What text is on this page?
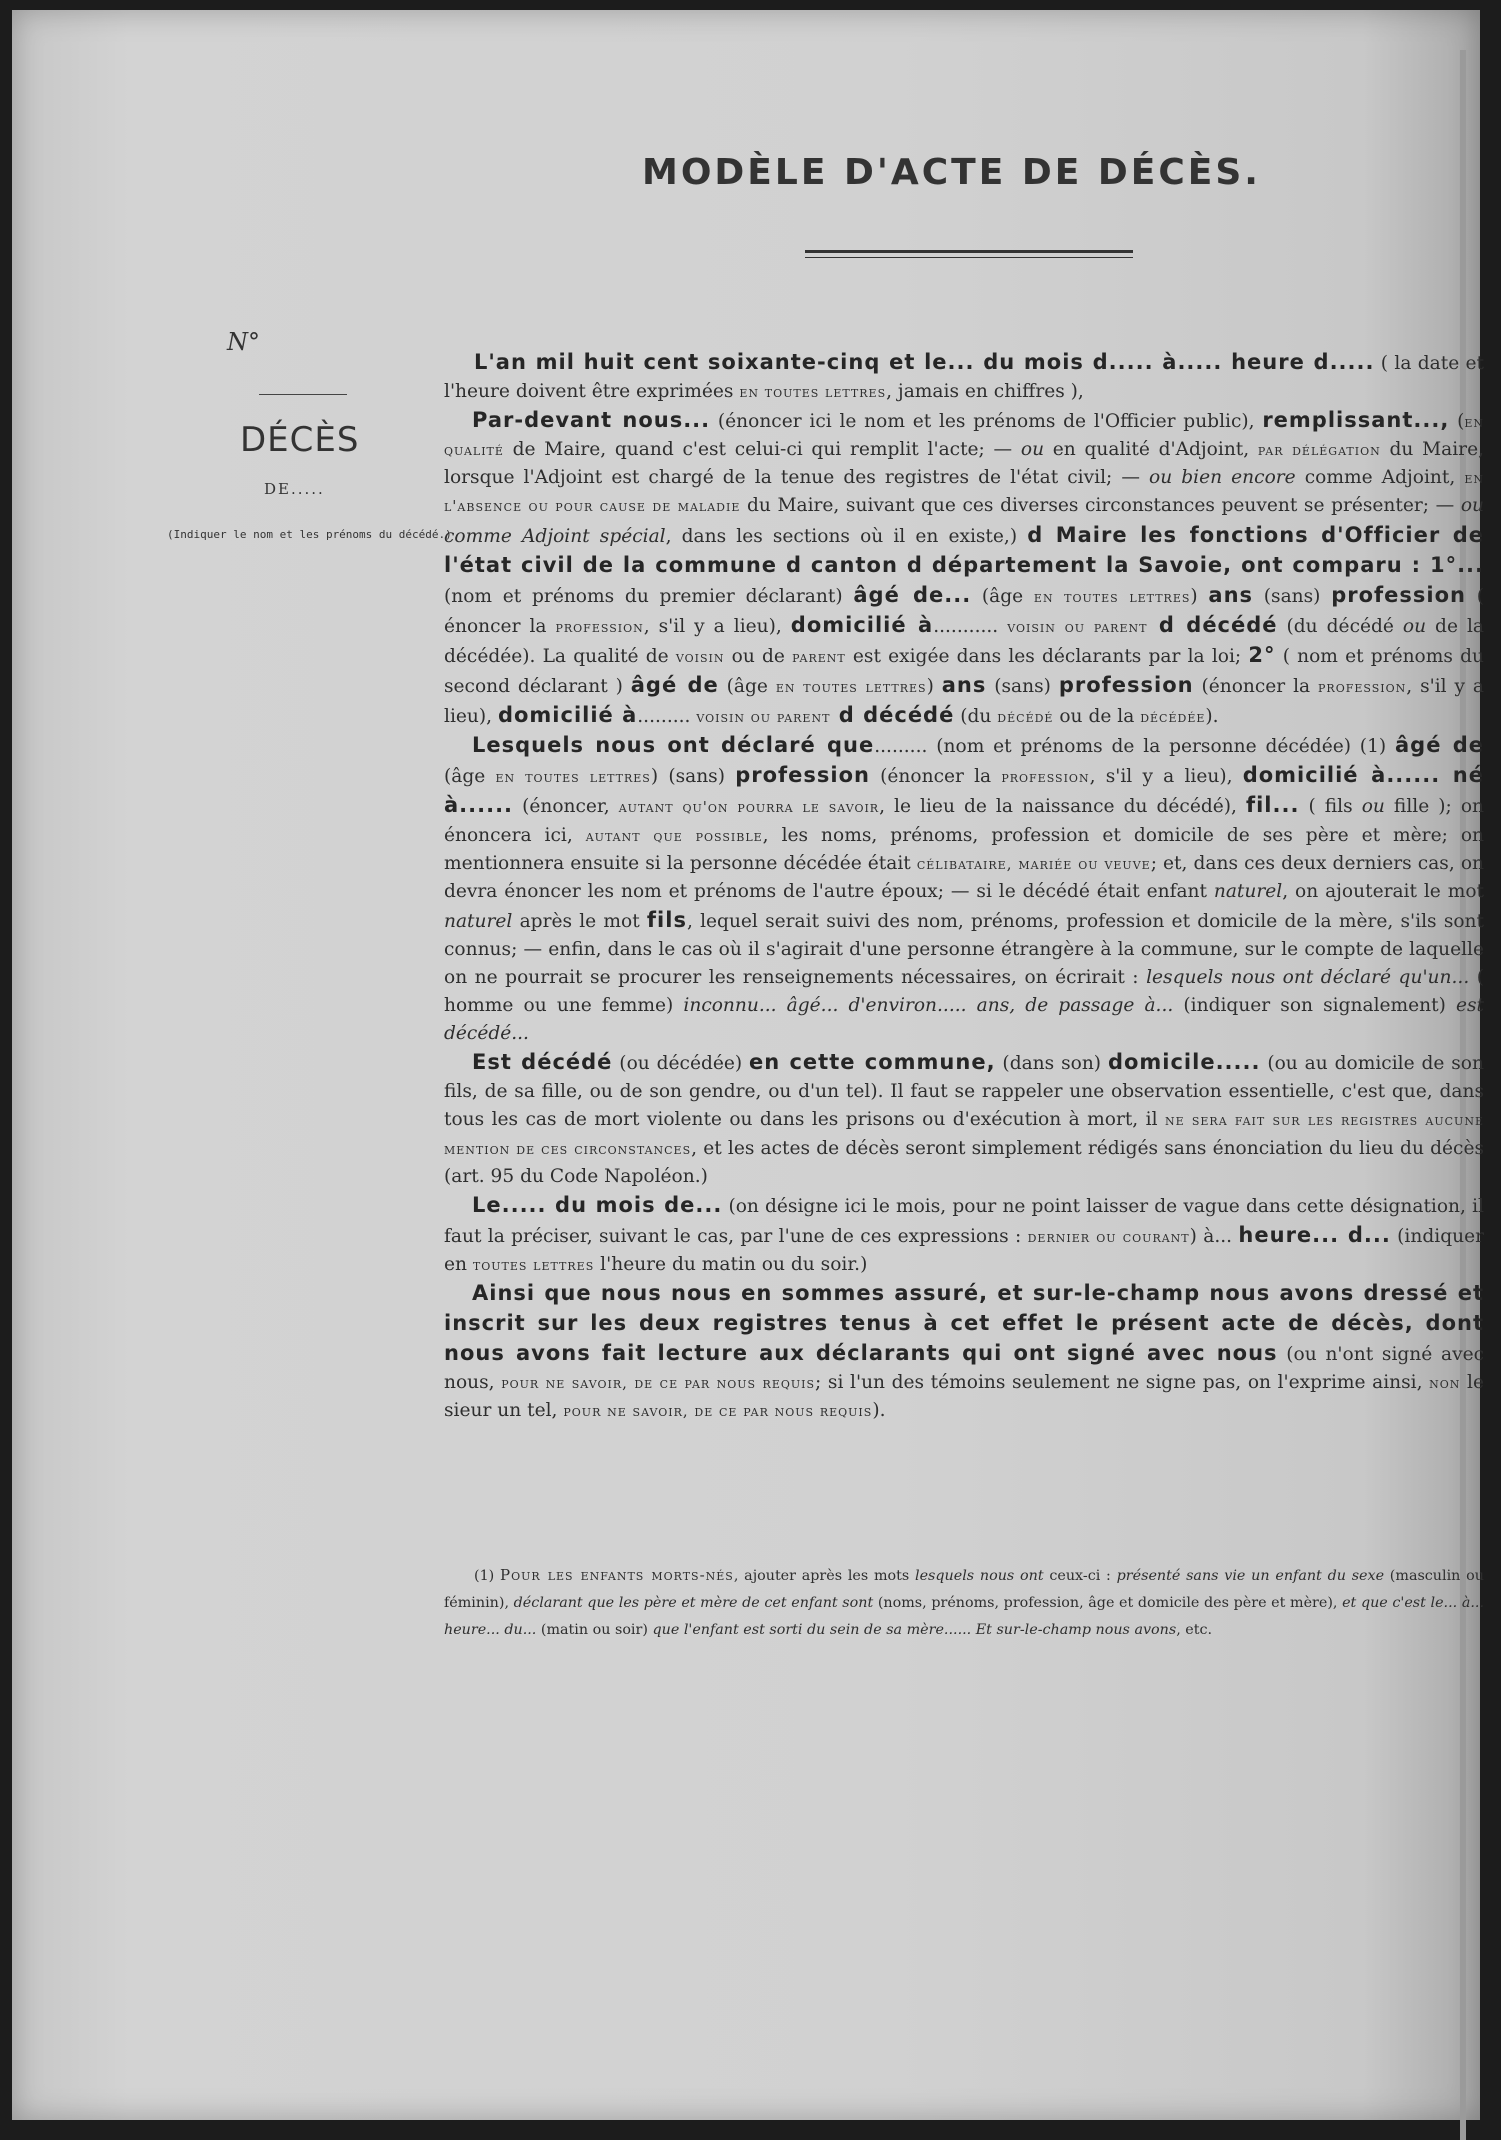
MODÈLE D'ACTE DE DÉCÈS.
N°
DÉCÈS
DE.....
(Indiquer le nom et les prénoms du décédé.)

L'an mil huit cent soixante-cinq et le... du mois d..... à..... heure d..... ( la date et l'heure doivent être exprimées en toutes lettres, jamais en chiffres ),

Par-devant nous... (énoncer ici le nom et les prénoms de l'Officier public), remplissant..., (en qualité de Maire, quand c'est celui-ci qui remplit l'acte; — ou en qualité d'Adjoint, par délégation du Maire, lorsque l'Adjoint est chargé de la tenue des registres de l'état civil; — ou bien encore comme Adjoint, en l'absence ou pour cause de maladie du Maire, suivant que ces diverses circonstances peuvent se présenter; — ou comme Adjoint spécial, dans les sections où il en existe,) d Maire les fonctions d'Officier de l'état civil de la commune d canton d département la Savoie, ont comparu : 1°... (nom et prénoms du premier déclarant) âgé de... (âge en toutes lettres) ans (sans) profession ( énoncer la profession, s'il y a lieu), domicilié à........... voisin ou parent d décédé (du décédé ou de la décédée). La qualité de voisin ou de parent est exigée dans les déclarants par la loi; 2° ( nom et prénoms du second déclarant ) âgé de (âge en toutes lettres) ans (sans) profession (énoncer la profession, s'il y a lieu), domicilié à......... voisin ou parent d décédé (du décédé ou de la décédée).

Lesquels nous ont déclaré que......... (nom et prénoms de la personne décédée) (1) âgé de (âge en toutes lettres) (sans) profession (énoncer la profession, s'il y a lieu), domicilié à...... né à...... (énoncer, autant qu'on pourra le savoir, le lieu de la naissance du décédé), fil... ( fils ou fille ); on énoncera ici, autant que possible, les noms, prénoms, profession et domicile de ses père et mère; on mentionnera ensuite si la personne décédée était célibataire, mariée ou veuve; et, dans ces deux derniers cas, on devra énoncer les nom et prénoms de l'autre époux; — si le décédé était enfant naturel, on ajouterait le mot naturel après le mot fils, lequel serait suivi des nom, prénoms, profession et domicile de la mère, s'ils sont connus; — enfin, dans le cas où il s'agirait d'une personne étrangère à la commune, sur le compte de laquelle on ne pourrait se procurer les renseignements nécessaires, on écrirait : lesquels nous ont déclaré qu'un... ( homme ou une femme) inconnu... âgé... d'environ..... ans, de passage à... (indiquer son signalement) est décédé...

Est décédé (ou décédée) en cette commune, (dans son) domicile..... (ou au domicile de son fils, de sa fille, ou de son gendre, ou d'un tel). Il faut se rappeler une observation essentielle, c'est que, dans tous les cas de mort violente ou dans les prisons ou d'exécution à mort, il ne sera fait sur les registres aucune mention de ces circonstances, et les actes de décès seront simplement rédigés sans énonciation du lieu du décès (art. 95 du Code Napoléon.)

Le..... du mois de... (on désigne ici le mois, pour ne point laisser de vague dans cette désignation, il faut la préciser, suivant le cas, par l'une de ces expressions : dernier ou courant) à... heure... d... (indiquer en toutes lettres l'heure du matin ou du soir.)

Ainsi que nous nous en sommes assuré, et sur-le-champ nous avons dressé et inscrit sur les deux registres tenus à cet effet le présent acte de décès, dont nous avons fait lecture aux déclarants qui ont signé avec nous (ou n'ont signé avec nous, pour ne savoir, de ce par nous requis; si l'un des témoins seulement ne signe pas, on l'exprime ainsi, non le sieur un tel, pour ne savoir, de ce par nous requis).

(1) Pour les enfants morts-nés, ajouter après les mots lesquels nous ont ceux-ci : présenté sans vie un enfant du sexe (masculin ou féminin), déclarant que les père et mère de cet enfant sont (noms, prénoms, profession, âge et domicile des père et mère), et que c'est le... à... heure... du... (matin ou soir) que l'enfant est sorti du sein de sa mère...... Et sur-le-champ nous avons, etc.
